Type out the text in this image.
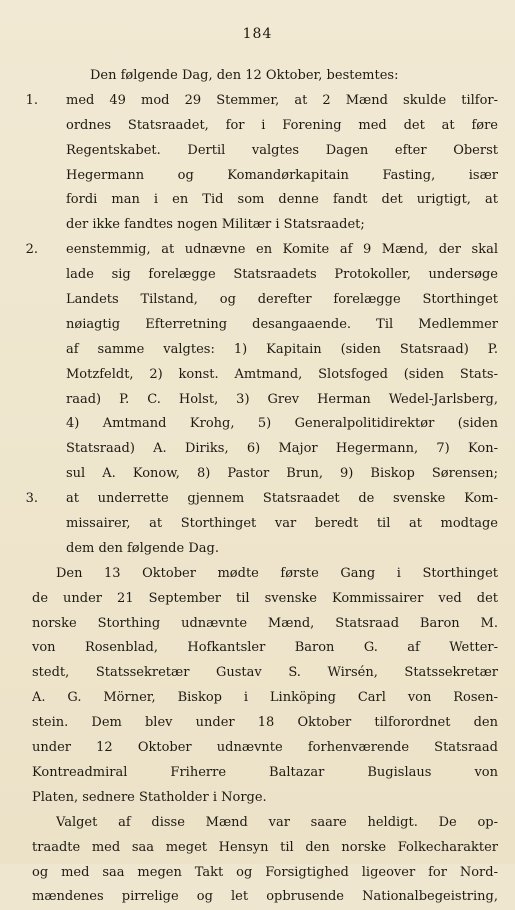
184
Den følgende Dag, den 12 Oktober, bestemtes:
1. med 49 mod 29 Stemmer, at 2 Mænd skulde tilfor-
ordnes Statsraadet, for i Forening med det at føre
Regentskabet. Dertil valgtes Dagen efter Oberst
Hegermann og Komandørkapitain Fasting, især
fordi man i en Tid som denne fandt det urigtigt, at
der ikke fandtes nogen Militær i Statsraadet;
2. eenstemmig, at udnævne en Komite af 9 Mænd, der skal
lade sig forelægge Statsraadets Protokoller, undersøge
Landets Tilstand, og derefter forelægge Storthinget
nøiagtig Efterretning desangaaende. Til Medlemmer
af samme valgtes: 1) Kapitain (siden Statsraad) P.
Motzfeldt, 2) konst. Amtmand, Slotsfoged (siden Stats-
raad) P. C. Holst, 3) Grev Herman Wedel-Jarlsberg,
4) Amtmand Krohg, 5) Generalpolitidirektør (siden
Statsraad) A. Diriks, 6) Major Hegermann, 7) Kon-
sul A. Konow, 8) Pastor Brun, 9) Biskop Sørensen;
3. at underrette gjennem Statsraadet de svenske Kom-
missairer, at Storthinget var beredt til at modtage
dem den følgende Dag.
Den 13 Oktober mødte første Gang i Storthinget
de under 21 September til svenske Kommissairer ved det
norske Storthing udnævnte Mænd, Statsraad Baron M.
von Rosenblad, Hofkantsler Baron G. af Wetter-
stedt, Statssekretær Gustav S. Wirsén, Statssekretær
A. G. Mörner, Biskop i Linköping Carl von Rosen-
stein. Dem blev under 18 Oktober tilforordnet den
under 12 Oktober udnævnte forhenværende Statsraad
Kontreadmiral Friherre Baltazar Bugislaus von
Platen, sednere Statholder i Norge.
Valget af disse Mænd var saare heldigt. De op-
traadte med saa meget Hensyn til den norske Folkecharakter
og med saa megen Takt og Forsigtighed ligeover for Nord-
mændenes pirrelige og let opbrusende Nationalbegeistring,
